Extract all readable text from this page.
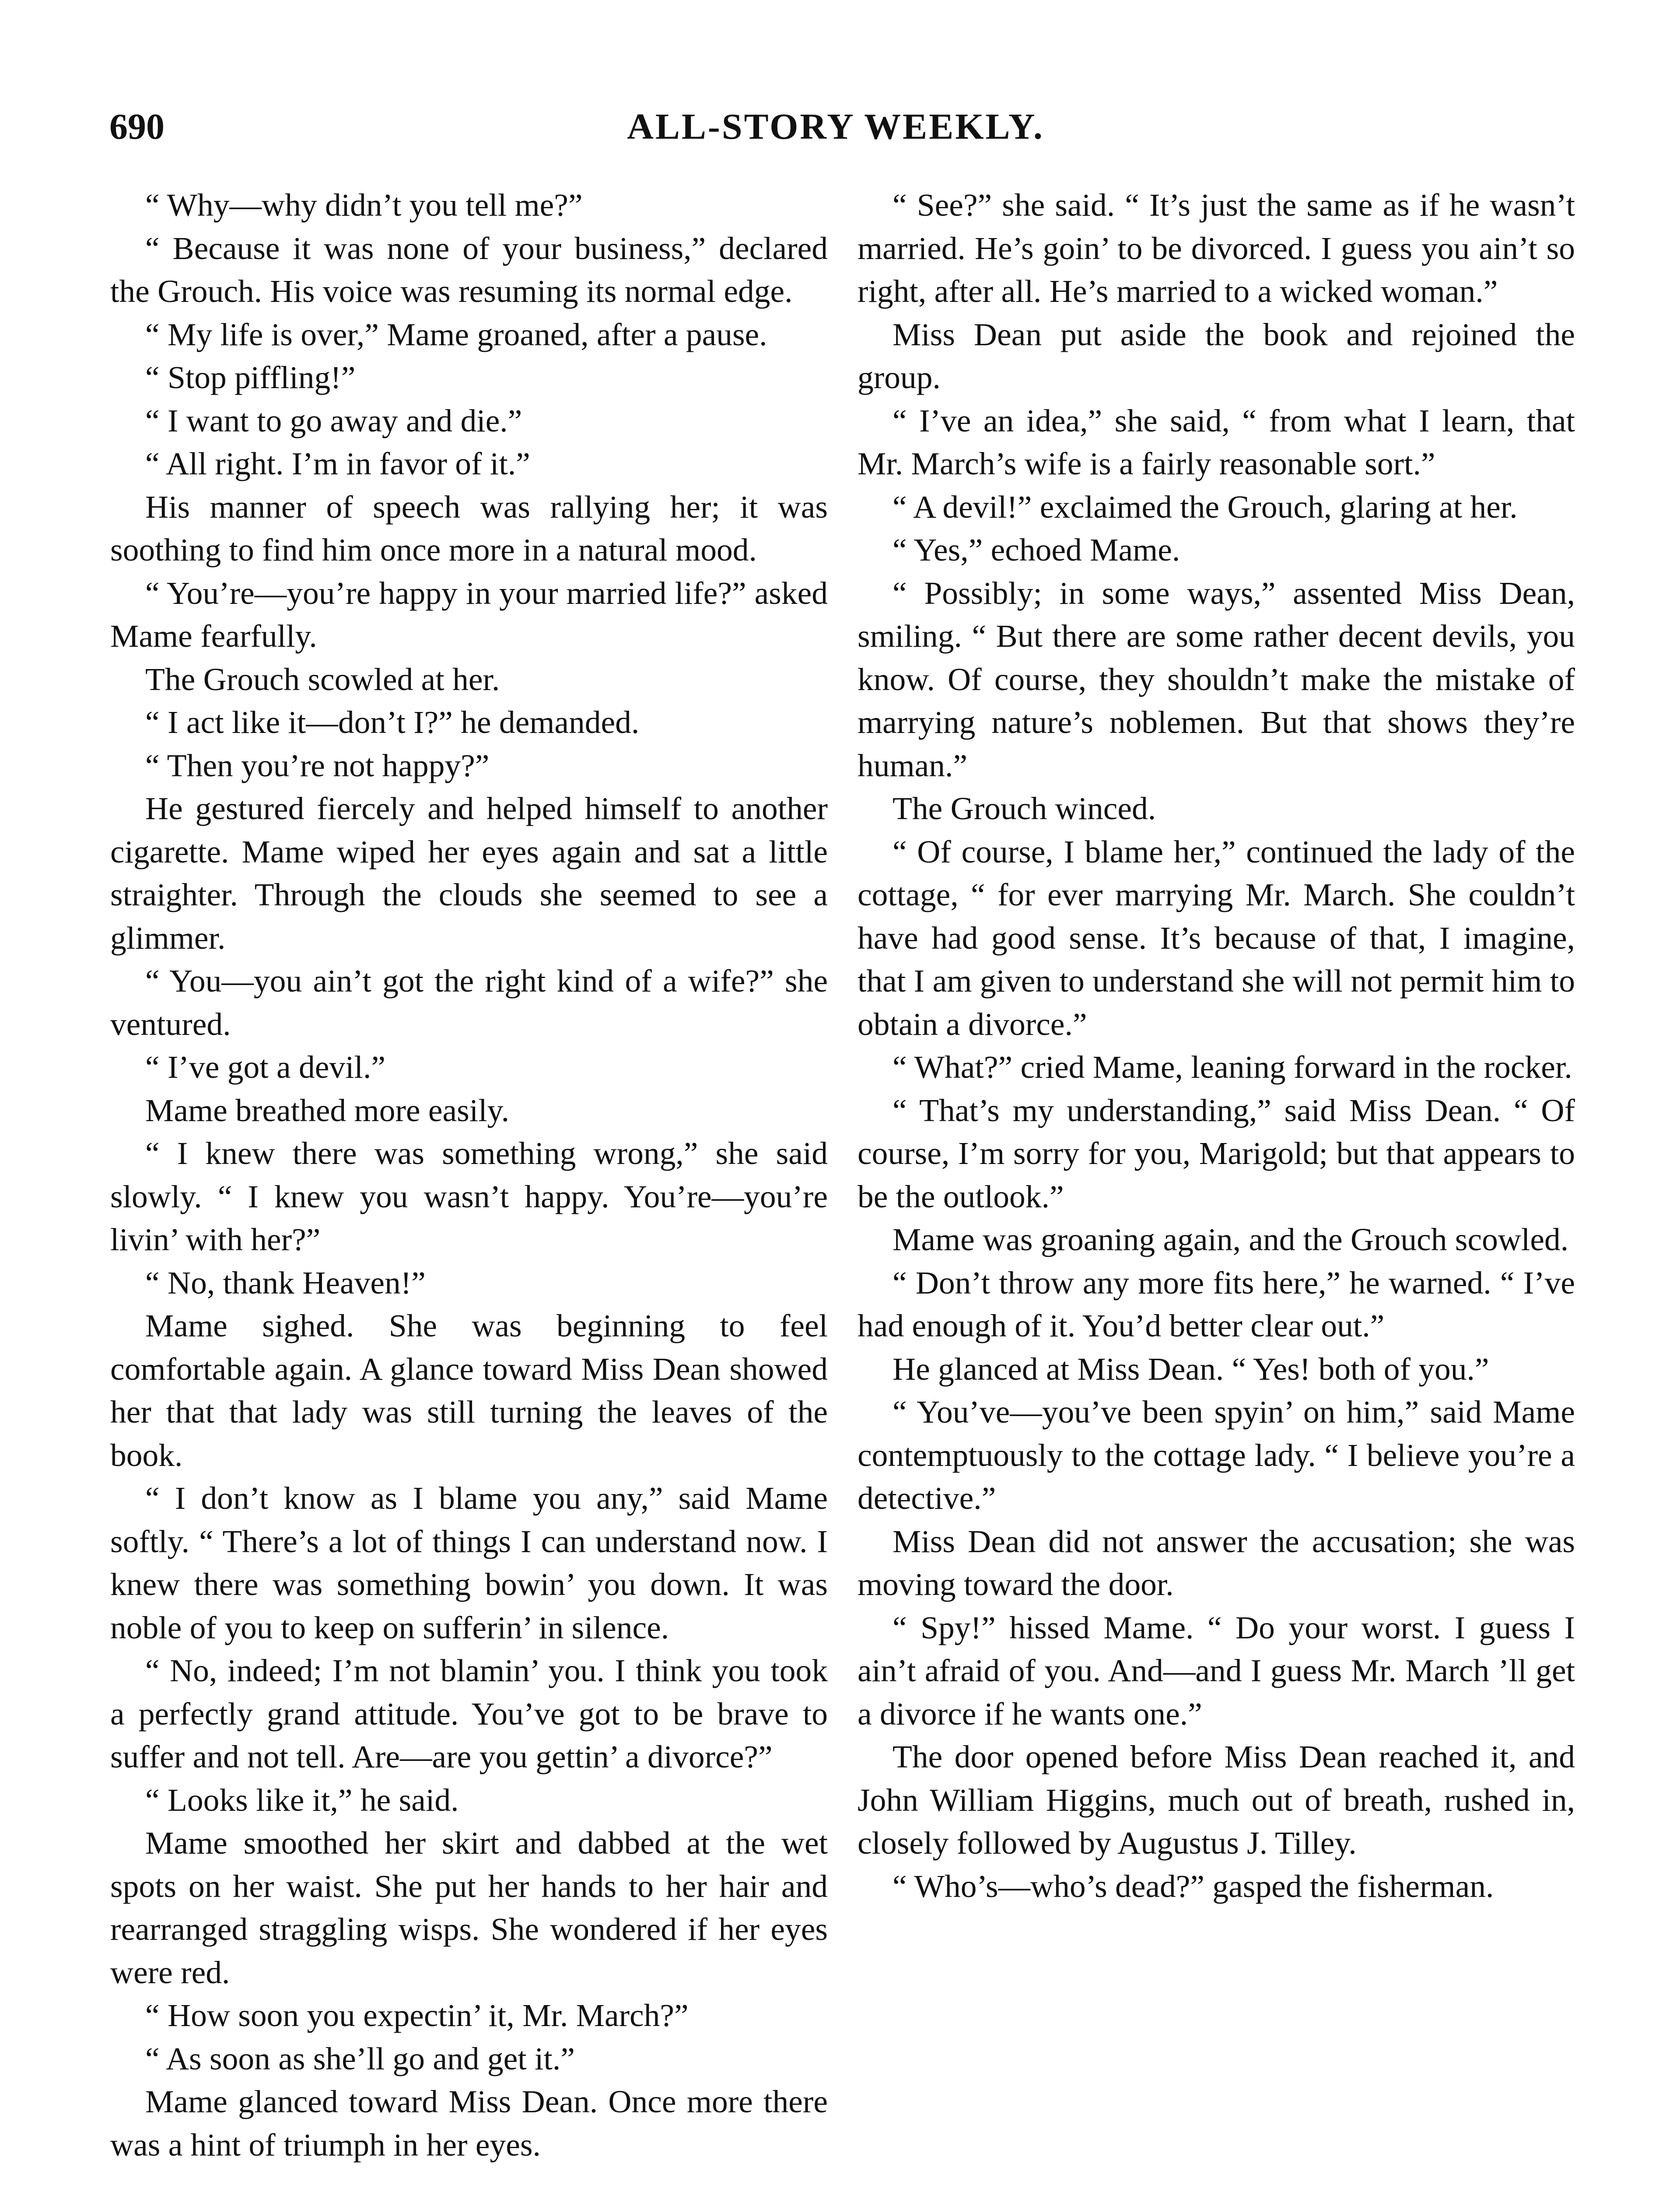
ALL-STORY WEEKLY.
690

“ Why—why didn’t you tell me?”

“ Because it was none of your business,” declared the Grouch. His voice was resuming its normal edge.

“ My life is over,” Mame groaned, after a pause.

“ Stop piffling!”

“ I want to go away and die.”

“ All right. I’m in favor of it.”

His manner of speech was rallying her; it was soothing to find him once more in a natural mood.

“ You’re—you’re happy in your married life?” asked Mame fearfully.

The Grouch scowled at her.

“ I act like it—don’t I?” he demanded.

“ Then you’re not happy?”

He gestured fiercely and helped himself to another cigarette. Mame wiped her eyes again and sat a little straighter. Through the clouds she seemed to see a glimmer.

“ You—you ain’t got the right kind of a wife?” she ventured.

“ I’ve got a devil.”

Mame breathed more easily.

“ I knew there was something wrong,” she said slowly. “ I knew you wasn’t happy. You’re—you’re livin’ with her?”

“ No, thank Heaven!”

Mame sighed. She was beginning to feel comfortable again. A glance toward Miss Dean showed her that that lady was still turning the leaves of the book.

“ I don’t know as I blame you any,” said Mame softly. “ There’s a lot of things I can understand now. I knew there was something bowin’ you down. It was noble of you to keep on sufferin’ in silence.

“ No, indeed; I’m not blamin’ you. I think you took a perfectly grand attitude. You’ve got to be brave to suffer and not tell. Are—are you gettin’ a divorce?”

“ Looks like it,” he said.

Mame smoothed her skirt and dabbed at the wet spots on her waist. She put her hands to her hair and rearranged straggling wisps. She wondered if her eyes were red.

“ How soon you expectin’ it, Mr. March?”

“ As soon as she’ll go and get it.”

Mame glanced toward Miss Dean. Once more there was a hint of triumph in her eyes.

“ See?” she said. “ It’s just the same as if he wasn’t married. He’s goin’ to be divorced. I guess you ain’t so right, after all. He’s married to a wicked woman.”

Miss Dean put aside the book and rejoined the group.

“ I’ve an idea,” she said, “ from what I learn, that Mr. March’s wife is a fairly reasonable sort.”

“ A devil!” exclaimed the Grouch, glaring at her.

“ Yes,” echoed Mame.

“ Possibly; in some ways,” assented Miss Dean, smiling. “ But there are some rather decent devils, you know. Of course, they shouldn’t make the mistake of marrying nature’s noblemen. But that shows they’re human.”

The Grouch winced.

“ Of course, I blame her,” continued the lady of the cottage, “ for ever marrying Mr. March. She couldn’t have had good sense. It’s because of that, I imagine, that I am given to understand she will not permit him to obtain a divorce.”

“ What?” cried Mame, leaning forward in the rocker.

“ That’s my understanding,” said Miss Dean. “ Of course, I’m sorry for you, Marigold; but that appears to be the outlook.”

Mame was groaning again, and the Grouch scowled.

“ Don’t throw any more fits here,” he warned. “ I’ve had enough of it. You’d better clear out.”

He glanced at Miss Dean. “ Yes! both of you.”

“ You’ve—you’ve been spyin’ on him,” said Mame contemptuously to the cottage lady. “ I believe you’re a detective.”

Miss Dean did not answer the accusation; she was moving toward the door.

“ Spy!” hissed Mame. “ Do your worst. I guess I ain’t afraid of you. And—and I guess Mr. March ’ll get a divorce if he wants one.”

The door opened before Miss Dean reached it, and John William Higgins, much out of breath, rushed in, closely followed by Augustus J. Tilley.

“ Who’s—who’s dead?” gasped the fisherman.
